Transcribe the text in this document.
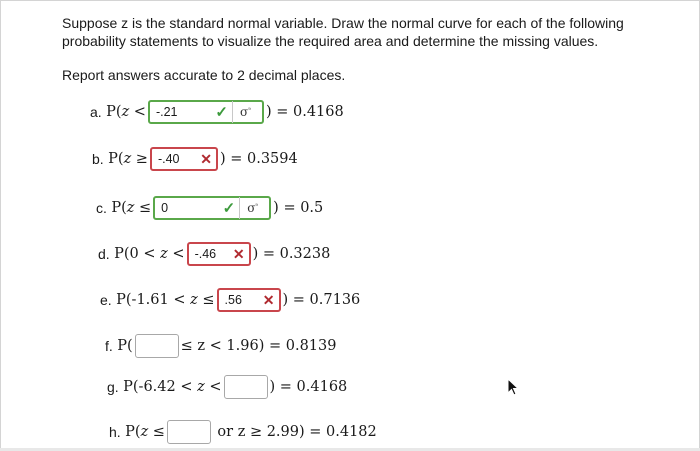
Suppose z is the standard normal variable. Draw the normal curve for each of the following probability statements to visualize the required area and determine the missing values.
Report answers accurate to 2 decimal places.
a.
P( z < -.21	✓ $\sigma^ᵃ$ ) = 0.4168
b.
P( z ≥ -.40 ✕ ) = 0.3594
c.
P( z ≤ 0	✓ $\sigma^ᵃ$ ) = 0.5
d.
P(0 < z < -.46 ✕ ) = 0.3238
e.
P(-1.61 < z ≤ .56 ✕ ) = 0.7136
f.
P(	≤ z < 1.96) = 0.8139
g.
P(-6.42 < z <	) = 0.4168
h.
P( z ≤
	or z ≥ 2.99) = 0.4182
